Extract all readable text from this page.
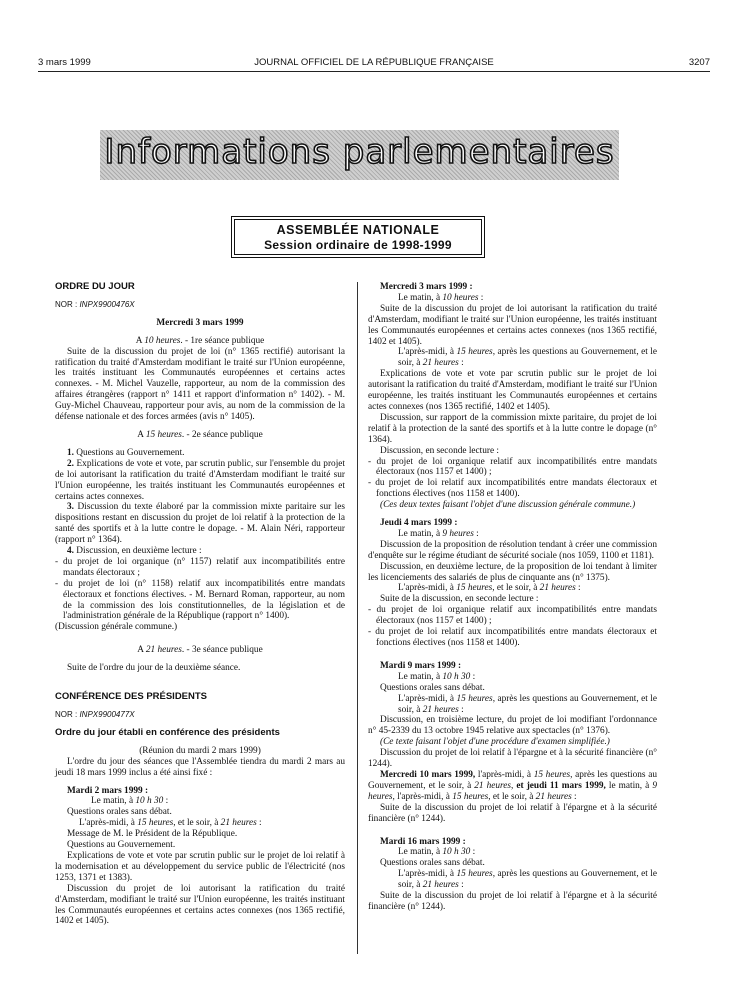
3 mars 1999	JOURNAL OFFICIEL DE LA RÉPUBLIQUE FRANÇAISE	3207
Informations parlementaires
ASSEMBLÉE NATIONALE
Session ordinaire de 1998-1999

ORDRE DU JOUR

NOR : INPX9900476X

Mercredi 3 mars 1999

A 10 heures. - 1re séance publique

Suite de la discussion du projet de loi (n° 1365 rectifié) autorisant la ratification du traité d'Amsterdam modifiant le traité sur l'Union européenne, les traités instituant les Communautés européennes et certains actes connexes. - M. Michel Vauzelle, rapporteur, au nom de la commission des affaires étrangères (rapport n° 1411 et rapport d'information n° 1402). - M. Guy-Michel Chauveau, rapporteur pour avis, au nom de la commission de la défense nationale et des forces armées (avis n° 1405).

A 15 heures. - 2e séance publique

1. Questions au Gouvernement.

2. Explications de vote et vote, par scrutin public, sur l'ensemble du projet de loi autorisant la ratification du traité d'Amsterdam modifiant le traité sur l'Union européenne, les traités instituant les Communautés européennes et certains actes connexes.

3. Discussion du texte élaboré par la commission mixte paritaire sur les dispositions restant en discussion du projet de loi relatif à la protection de la santé des sportifs et à la lutte contre le dopage. - M. Alain Néri, rapporteur (rapport n° 1364).

4. Discussion, en deuxième lecture :

- du projet de loi organique (n° 1157) relatif aux incompatibilités entre mandats électoraux ;

- du projet de loi (n° 1158) relatif aux incompatibilités entre mandats électoraux et fonctions électives. - M. Bernard Roman, rapporteur, au nom de la commission des lois constitutionnelles, de la législation et de l'administration générale de la République (rapport n° 1400).

(Discussion générale commune.)

A 21 heures. - 3e séance publique

Suite de l'ordre du jour de la deuxième séance.

CONFÉRENCE DES PRÉSIDENTS

NOR : INPX9900477X

Ordre du jour établi en conférence des présidents

(Réunion du mardi 2 mars 1999)

L'ordre du jour des séances que l'Assemblée tiendra du mardi 2 mars au jeudi 18 mars 1999 inclus a été ainsi fixé :

Mardi 2 mars 1999 :

Le matin, à 10 h 30 :

Questions orales sans débat.

L'après-midi, à 15 heures, et le soir, à 21 heures :

Message de M. le Président de la République.

Questions au Gouvernement.

Explications de vote et vote par scrutin public sur le projet de loi relatif à la modernisation et au développement du service public de l'électricité (nos 1253, 1371 et 1383).

Discussion du projet de loi autorisant la ratification du traité d'Amsterdam, modifiant le traité sur l'Union européenne, les traités instituant les Communautés européennes et certains actes connexes (nos 1365 rectifié, 1402 et 1405).

Mercredi 3 mars 1999 :

Le matin, à 10 heures :

Suite de la discussion du projet de loi autorisant la ratification du traité d'Amsterdam, modifiant le traité sur l'Union européenne, les traités instituant les Communautés européennes et certains actes connexes (nos 1365 rectifié, 1402 et 1405).

L'après-midi, à 15 heures, après les questions au Gouvernement, et le soir, à 21 heures :

Explications de vote et vote par scrutin public sur le projet de loi autorisant la ratification du traité d'Amsterdam, modifiant le traité sur l'Union européenne, les traités instituant les Communautés européennes et certains actes connexes (nos 1365 rectifié, 1402 et 1405).

Discussion, sur rapport de la commission mixte paritaire, du projet de loi relatif à la protection de la santé des sportifs et à la lutte contre le dopage (n° 1364).

Discussion, en seconde lecture :

- du projet de loi organique relatif aux incompatibilités entre mandats électoraux (nos 1157 et 1400) ;

- du projet de loi relatif aux incompatibilités entre mandats électoraux et fonctions électives (nos 1158 et 1400).

(Ces deux textes faisant l'objet d'une discussion générale commune.)

Jeudi 4 mars 1999 :

Le matin, à 9 heures :

Discussion de la proposition de résolution tendant à créer une commission d'enquête sur le régime étudiant de sécurité sociale (nos 1059, 1100 et 1181).

Discussion, en deuxième lecture, de la proposition de loi tendant à limiter les licenciements des salariés de plus de cinquante ans (n° 1375).

L'après-midi, à 15 heures, et le soir, à 21 heures :

Suite de la discussion, en seconde lecture :

- du projet de loi organique relatif aux incompatibilités entre mandats électoraux (nos 1157 et 1400) ;

- du projet de loi relatif aux incompatibilités entre mandats électoraux et fonctions électives (nos 1158 et 1400).

Mardi 9 mars 1999 :

Le matin, à 10 h 30 :

Questions orales sans débat.

L'après-midi, à 15 heures, après les questions au Gouvernement, et le soir, à 21 heures :

Discussion, en troisième lecture, du projet de loi modifiant l'ordonnance n° 45-2339 du 13 octobre 1945 relative aux spectacles (n° 1376).

(Ce texte faisant l'objet d'une procédure d'examen simplifiée.)

Discussion du projet de loi relatif à l'épargne et à la sécurité financière (n° 1244).

Mercredi 10 mars 1999, l'après-midi, à 15 heures, après les questions au Gouvernement, et le soir, à 21 heures, et jeudi 11 mars 1999, le matin, à 9 heures, l'après-midi, à 15 heures, et le soir, à 21 heures :

Suite de la discussion du projet de loi relatif à l'épargne et à la sécurité financière (n° 1244).

Mardi 16 mars 1999 :

Le matin, à 10 h 30 :

Questions orales sans débat.

L'après-midi, à 15 heures, après les questions au Gouvernement, et le soir, à 21 heures :

Suite de la discussion du projet de loi relatif à l'épargne et à la sécurité financière (n° 1244).
